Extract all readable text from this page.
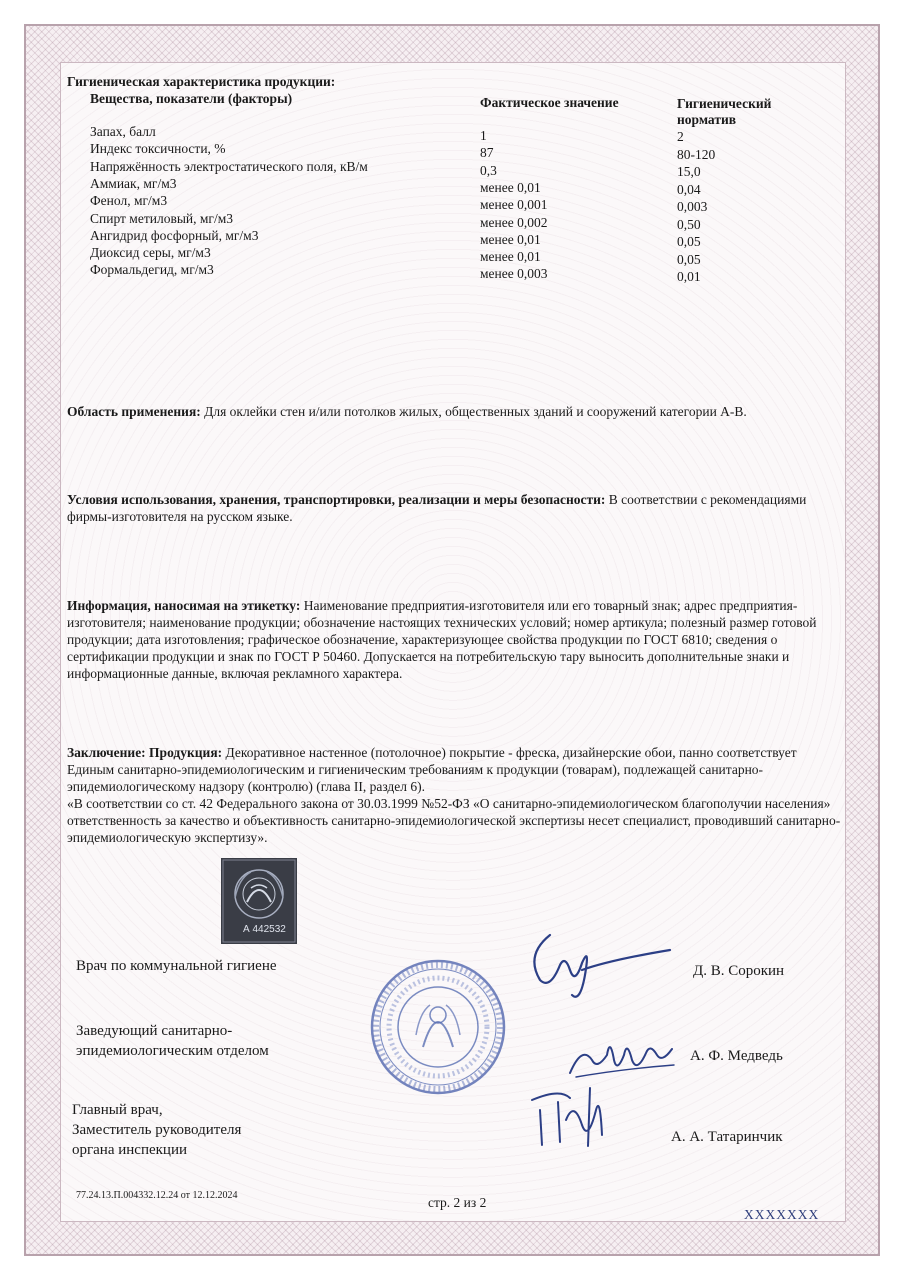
Гигиеническая характеристика продукции:
Вещества, показатели (факторы)	Фактическое значение	Гигиенический
норматив
Запах, балл	1	2
Индекс токсичности, %	87	80-120
Напряжённость электростатического поля, кВ/м	0,3	15,0
Аммиак, мг/м3	менее 0,01	0,04
Фенол, мг/м3	менее 0,001	0,003
Спирт метиловый, мг/м3	менее 0,002	0,50
Ангидрид фосфорный, мг/м3	менее 0,01	0,05
Диоксид серы, мг/м3	менее 0,01	0,05
Формальдегид, мг/м3	менее 0,003	0,01
Область применения: Для оклейки стен и/или потолков жилых, общественных зданий и сооружений категории А-В.
Условия использования, хранения, транспортировки, реализации и меры безопасности: В соответствии с рекомендациями фирмы-изготовителя на русском языке.
Информация, наносимая на этикетку: Наименование предприятия-изготовителя или его товарный знак; адрес предприятия-изготовителя; наименование продукции; обозначение настоящих технических условий; номер артикула; полезный размер готовой продукции; дата изготовления; графическое обозначение, характеризующее свойства продукции по ГОСТ 6810; сведения о сертификации продукции и знак по ГОСТ Р 50460. Допускается на потребительскую тару выносить дополнительные знаки и информационные данные, включая рекламного характера.
Заключение: Продукция: Декоративное настенное (потолочное) покрытие - фреска, дизайнерские обои, панно соответствует Единым санитарно-эпидемиологическим и гигиеническим требованиям к продукции (товарам), подлежащей санитарно-эпидемиологическому надзору (контролю) (глава II, раздел 6).
«В соответствии со ст. 42 Федерального закона от 30.03.1999 №52-ФЗ «О санитарно-эпидемиологическом благополучии населения» ответственность за качество и объективность санитарно-эпидемиологической экспертизы несет специалист, проводивший санитарно-эпидемиологическую экспертизу».
А 442532
Врач по коммунальной гигиене	Д. В. Сорокин
Заведующий санитарно-
эпидемиологическим отделом	А. Ф. Медведь
Главный врач,
Заместитель руководителя
органа инспекции
А. А. Татаринчик
77.24.13.П.004332.12.24 от 12.12.2024	стр. 2 из 2
XXXXXXX
